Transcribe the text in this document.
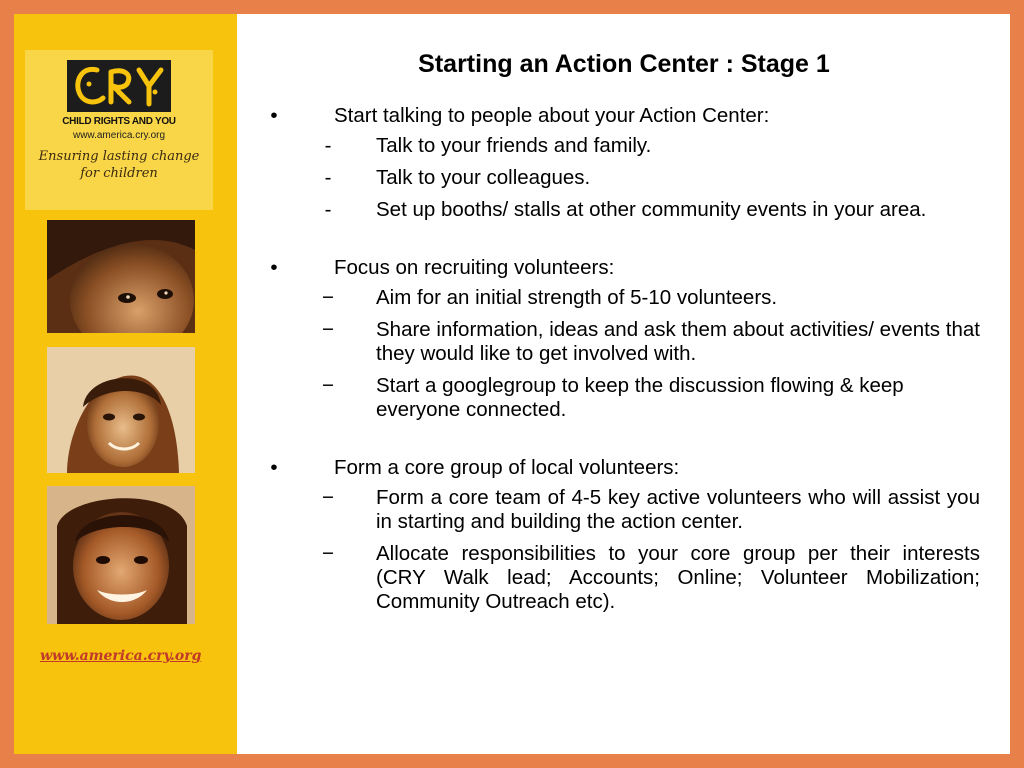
CHILD RIGHTS AND YOU
www.america.cry.org
Ensuring lasting change
for children
www.america.cry.org
Starting an Action Center : Stage 1
•	Start talking to people about your Action Center:
- Talk to your friends and family.
- Talk to your colleagues.
- Set up booths/ stalls at other community events in your area.
•	Focus on recruiting volunteers:
− Aim for an initial strength of 5-10 volunteers.
− Share information, ideas and ask them about activities/ events that they would like to get involved with.
− Start a googlegroup to keep the discussion flowing & keep everyone connected.
•	Form a core group of local volunteers:
− Form a core team of 4-5 key active volunteers who will assist you in starting and building the action center.
− Allocate responsibilities to your core group per their interests (CRY Walk lead; Accounts; Online; Volunteer Mobilization; Community Outreach etc).
